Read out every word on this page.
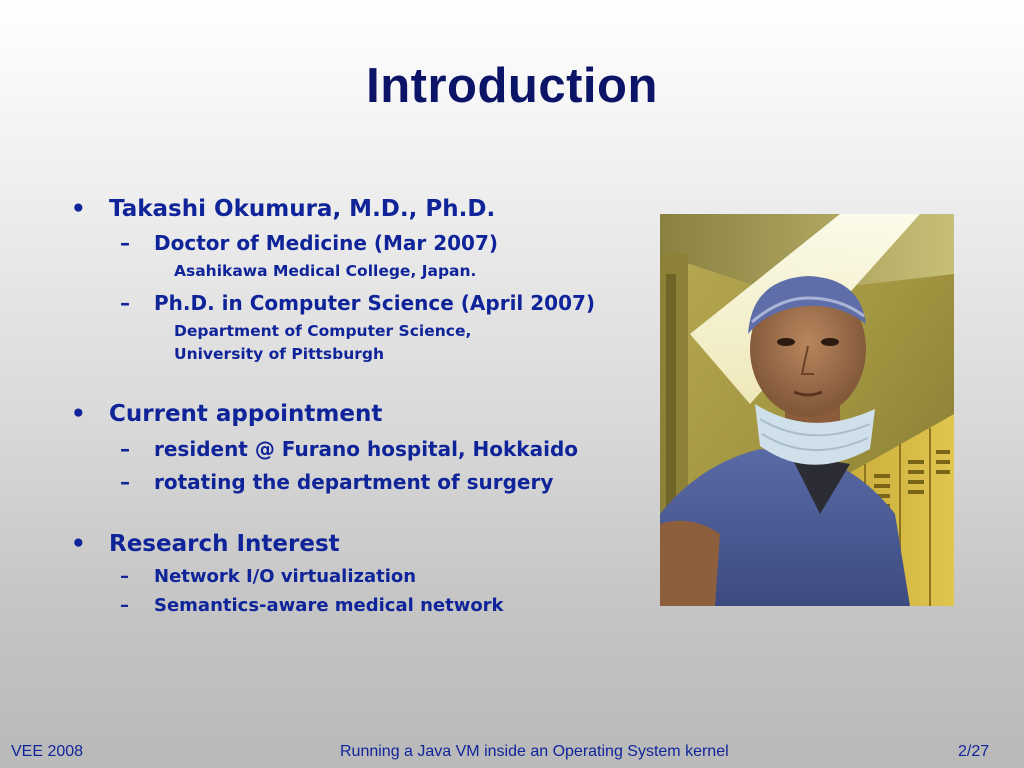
Introduction
• Takashi Okumura, M.D., Ph.D.
– Doctor of Medicine (Mar 2007)
Asahikawa Medical College, Japan.
– Ph.D. in Computer Science (April 2007)
Department of Computer Science,
University of Pittsburgh
• Current appointment
– resident @ Furano hospital, Hokkaido
– rotating the department of surgery
• Research Interest
– Network I/O virtualization
– Semantics-aware medical network
VEE 2008	Running a Java VM inside an Operating System kernel	2/27
